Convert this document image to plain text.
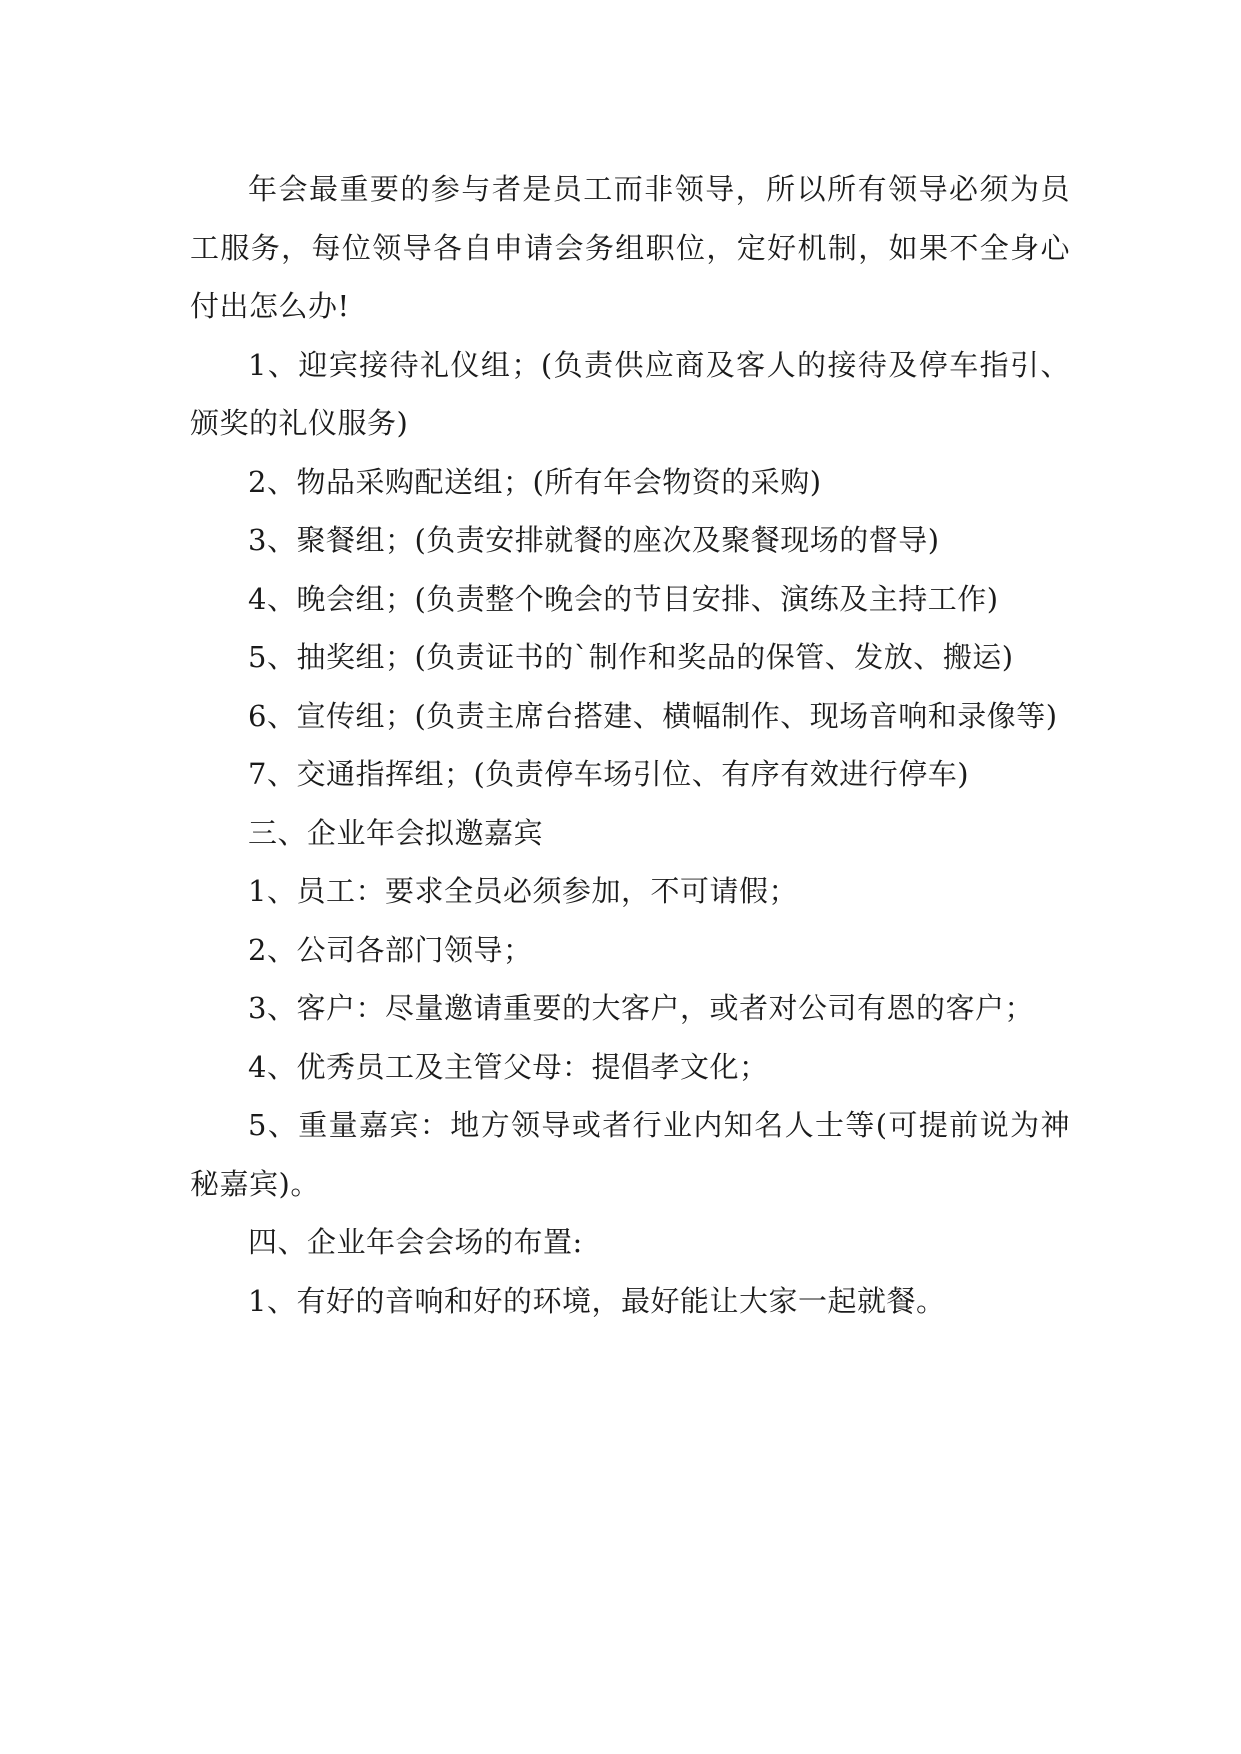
年会最重要的参与者是员工而非领导，所以所有领导必须为员工服务，每位领导各自申请会务组职位，定好机制，如果不全身心付出怎么办!

1、迎宾接待礼仪组；(负责供应商及客人的接待及停车指引、颁奖的礼仪服务)

2、物品采购配送组；(所有年会物资的采购)

3、聚餐组；(负责安排就餐的座次及聚餐现场的督导)

4、晚会组；(负责整个晚会的节目安排、演练及主持工作)

5、抽奖组；(负责证书的`制作和奖品的保管、发放、搬运)

6、宣传组；(负责主席台搭建、横幅制作、现场音响和录像等)

7、交通指挥组；(负责停车场引位、有序有效进行停车)

三、企业年会拟邀嘉宾

1、员工：要求全员必须参加，不可请假；

2、公司各部门领导；

3、客户：尽量邀请重要的大客户，或者对公司有恩的客户；

4、优秀员工及主管父母：提倡孝文化；

5、重量嘉宾：地方领导或者行业内知名人士等(可提前说为神秘嘉宾)。

四、企业年会会场的布置:

1、有好的音响和好的环境，最好能让大家一起就餐。
